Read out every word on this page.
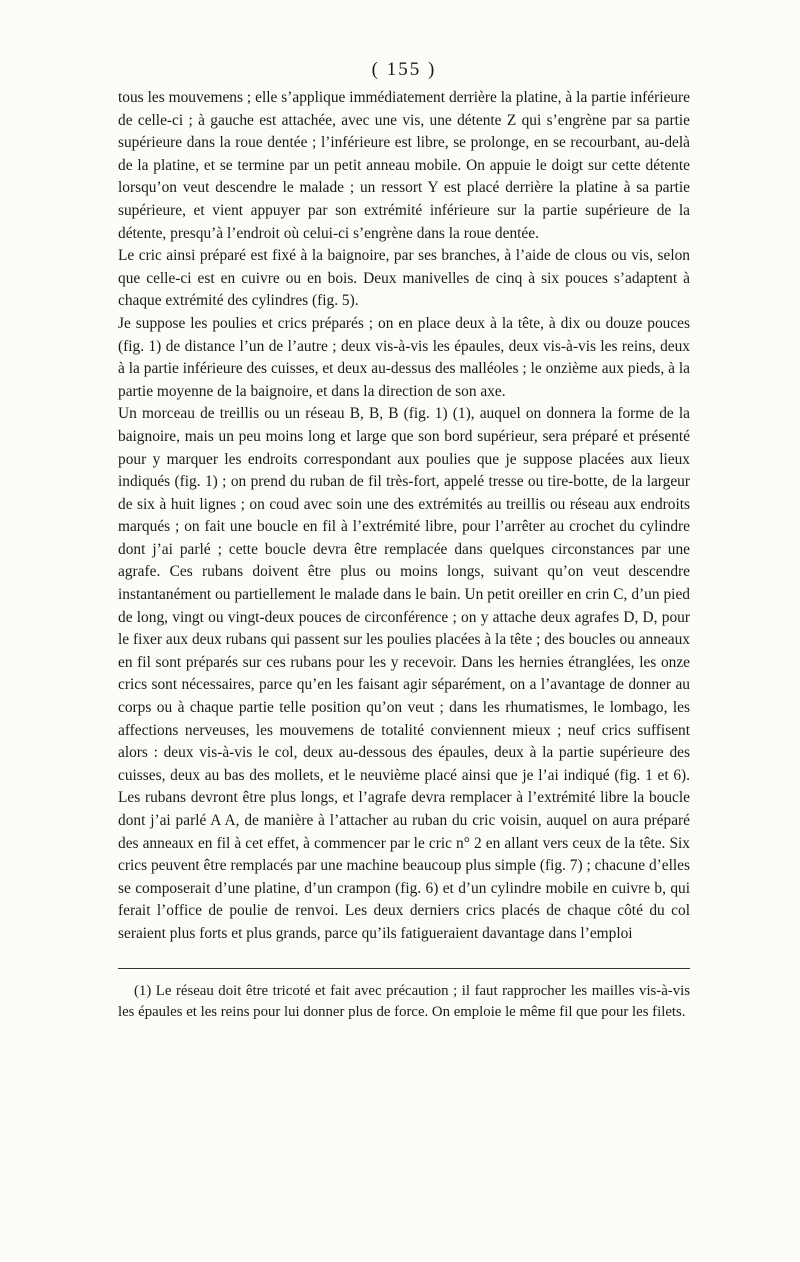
( 155 )

tous les mouvemens ; elle s’applique immédiatement derrière la platine, à la partie inférieure de celle-ci ; à gauche est attachée, avec une vis, une détente Z qui s’engrène par sa partie supérieure dans la roue dentée ; l’inférieure est libre, se prolonge, en se recourbant, au-delà de la platine, et se termine par un petit anneau mobile. On appuie le doigt sur cette détente lorsqu’on veut descendre le malade ; un ressort Y est placé derrière la platine à sa partie supérieure, et vient appuyer par son extrémité inférieure sur la partie supérieure de la détente, presqu’à l’endroit où celui-ci s’engrène dans la roue dentée.

Le cric ainsi préparé est fixé à la baignoire, par ses branches, à l’aide de clous ou vis, selon que celle-ci est en cuivre ou en bois. Deux manivelles de cinq à six pouces s’adaptent à chaque extrémité des cylindres (fig. 5).

Je suppose les poulies et crics préparés ; on en place deux à la tête, à dix ou douze pouces (fig. 1) de distance l’un de l’autre ; deux vis-à-vis les épaules, deux vis-à-vis les reins, deux à la partie inférieure des cuisses, et deux au-dessus des malléoles ; le onzième aux pieds, à la partie moyenne de la baignoire, et dans la direction de son axe.

Un morceau de treillis ou un réseau B, B, B (fig. 1) (1), auquel on donnera la forme de la baignoire, mais un peu moins long et large que son bord supérieur, sera préparé et présenté pour y marquer les endroits correspondant aux poulies que je suppose placées aux lieux indiqués (fig. 1) ; on prend du ruban de fil très-fort, appelé tresse ou tire-botte, de la largeur de six à huit lignes ; on coud avec soin une des extrémités au treillis ou réseau aux endroits marqués ; on fait une boucle en fil à l’extrémité libre, pour l’arrêter au crochet du cylindre dont j’ai parlé ; cette boucle devra être remplacée dans quelques circonstances par une agrafe. Ces rubans doivent être plus ou moins longs, suivant qu’on veut descendre instantanément ou partiellement le malade dans le bain. Un petit oreiller en crin C, d’un pied de long, vingt ou vingt-deux pouces de circonférence ; on y attache deux agrafes D, D, pour le fixer aux deux rubans qui passent sur les poulies placées à la tête ; des boucles ou anneaux en fil sont préparés sur ces rubans pour les y recevoir. Dans les hernies étranglées, les onze crics sont nécessaires, parce qu’en les faisant agir séparément, on a l’avantage de donner au corps ou à chaque partie telle position qu’on veut ; dans les rhumatismes, le lombago, les affections nerveuses, les mouvemens de totalité conviennent mieux ; neuf crics suffisent alors : deux vis-à-vis le col, deux au-dessous des épaules, deux à la partie supérieure des cuisses, deux au bas des mollets, et le neuvième placé ainsi que je l’ai indiqué (fig. 1 et 6). Les rubans devront être plus longs, et l’agrafe devra remplacer à l’extrémité libre la boucle dont j’ai parlé A A, de manière à l’attacher au ruban du cric voisin, auquel on aura préparé des anneaux en fil à cet effet, à commencer par le cric n° 2 en allant vers ceux de la tête. Six crics peuvent être remplacés par une machine beaucoup plus simple (fig. 7) ; chacune d’elles se composerait d’une platine, d’un crampon (fig. 6) et d’un cylindre mobile en cuivre b, qui ferait l’office de poulie de renvoi. Les deux derniers crics placés de chaque côté du col seraient plus forts et plus grands, parce qu’ils fatigueraient davantage dans l’emploi

(1) Le réseau doit être tricoté et fait avec précaution ; il faut rapprocher les mailles vis-à-vis les épaules et les reins pour lui donner plus de force. On emploie le même fil que pour les filets.
